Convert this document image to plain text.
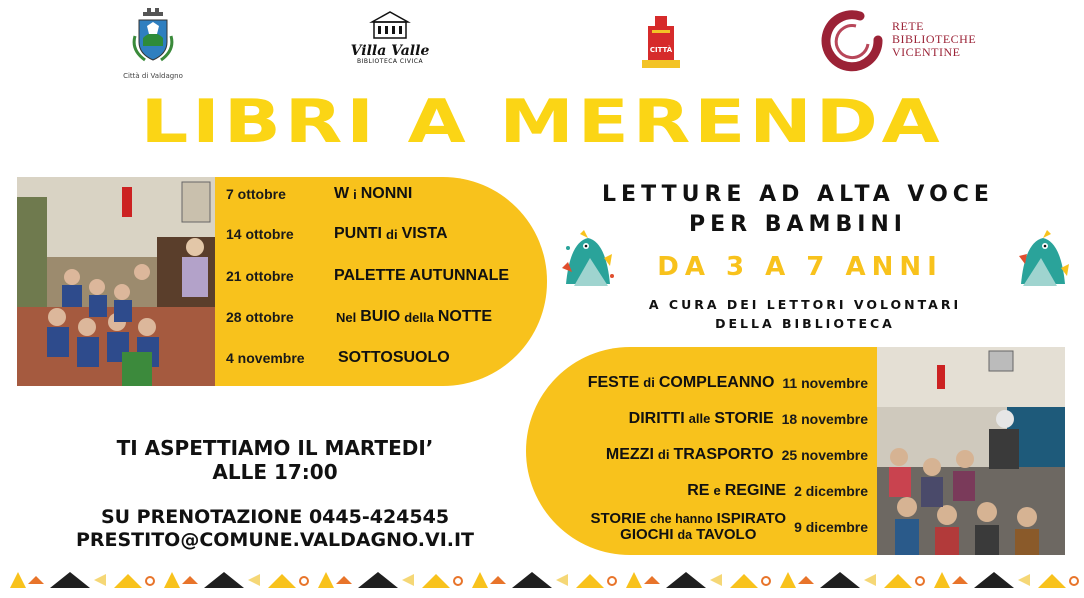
Città di Valdagno
Villa Valle
BIBLIOTECA CIVICA
CITTÀ
RETE
BIBLIOTECHE
VICENTINE
LIBRI A MERENDA
7 ottobre	W i NONNI
14 ottobre	PUNTI di VISTA
21 ottobre	PALETTE AUTUNNALE
28 ottobre	Nel BUIO della NOTTE
4 novembre	SOTTOSUOLO
LETTURE AD ALTA VOCE
PER BAMBINI
DA 3 A 7 ANNI
A CURA DEI LETTORI VOLONTARI
DELLA BIBLIOTECA
TI ASPETTIAMO IL MARTEDI’
ALLE 17:00
SU PRENOTAZIONE 0445-424545
PRESTITO@COMUNE.VALDAGNO.VI.IT
FESTE di COMPLEANNO 11 novembre
DIRITTI alle STORIE 18 novembre
MEZZI di TRASPORTO 25 novembre
RE e REGINE 2 dicembre
STORIE che hanno ISPIRATO
GIOCHI da TAVOLO	9 dicembre
